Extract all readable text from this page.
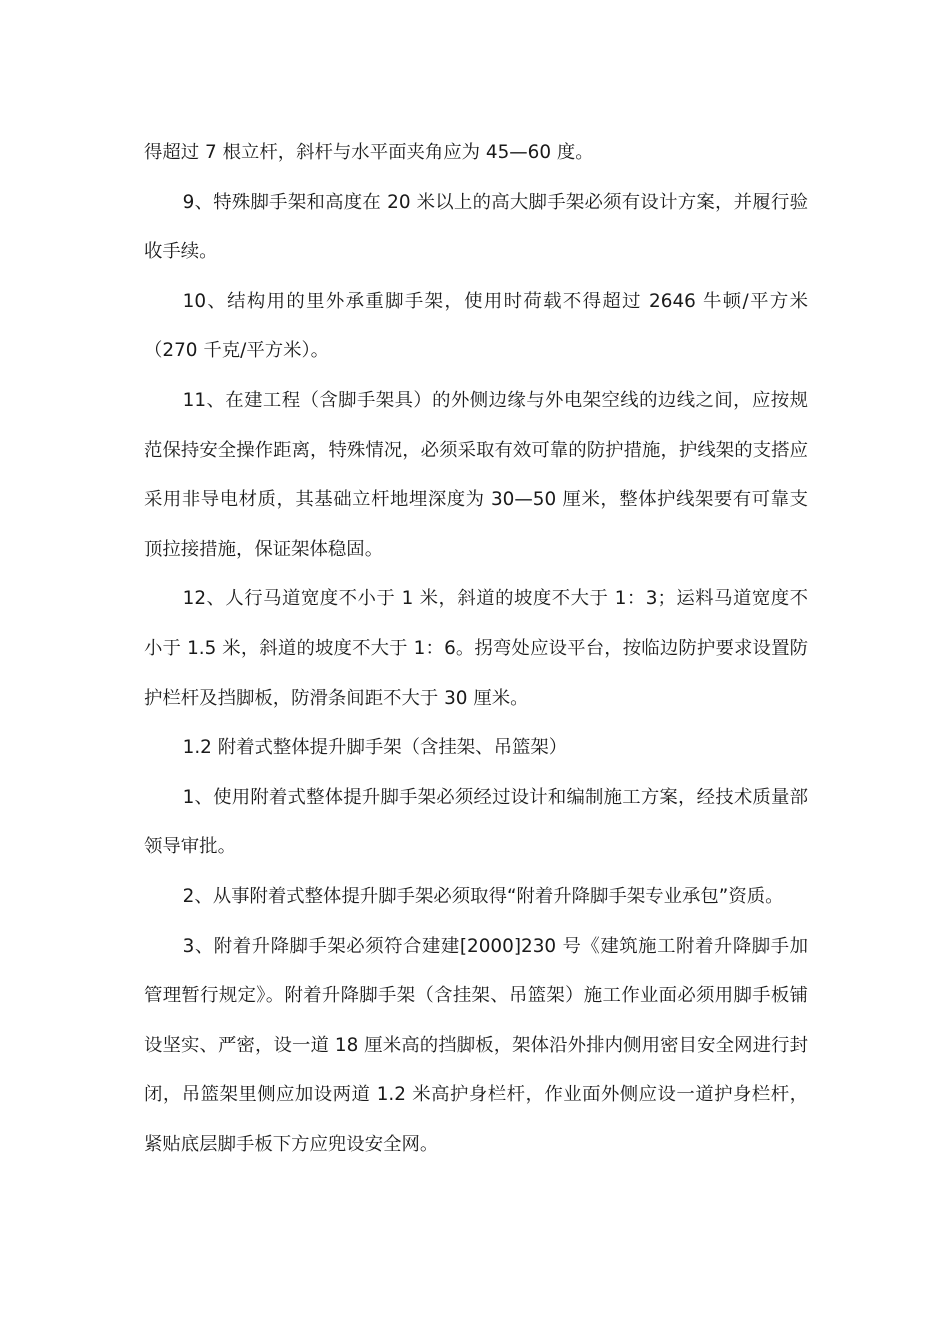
得超过 7 根立杆，斜杆与水平面夹角应为 45—60 度。

9、特殊脚手架和高度在 20 米以上的高大脚手架必须有设计方案，并履行验收手续。

10、结构用的里外承重脚手架，使用时荷载不得超过 2646 牛顿/平方米（270 千克/平方米）。

11、在建工程（含脚手架具）的外侧边缘与外电架空线的边线之间，应按规范保持安全操作距离，特殊情况，必须采取有效可靠的防护措施，护线架的支搭应采用非导电材质，其基础立杆地埋深度为 30—50 厘米，整体护线架要有可靠支顶拉接措施，保证架体稳固。

12、人行马道宽度不小于 1 米，斜道的坡度不大于 1：3；运料马道宽度不小于 1.5 米，斜道的坡度不大于 1：6。拐弯处应设平台，按临边防护要求设置防护栏杆及挡脚板，防滑条间距不大于 30 厘米。

1.2 附着式整体提升脚手架（含挂架、吊篮架）

1、使用附着式整体提升脚手架必须经过设计和编制施工方案，经技术质量部领导审批。

2、从事附着式整体提升脚手架必须取得“附着升降脚手架专业承包”资质。

3、附着升降脚手架必须符合建建[2000]230 号《建筑施工附着升降脚手加管理暂行规定》。附着升降脚手架（含挂架、吊篮架）施工作业面必须用脚手板铺设坚实、严密，设一道 18 厘米高的挡脚板，架体沿外排内侧用密目安全网进行封闭，吊篮架里侧应加设两道 1.2 米高护身栏杆，作业面外侧应设一道护身栏杆，紧贴底层脚手板下方应兜设安全网。
